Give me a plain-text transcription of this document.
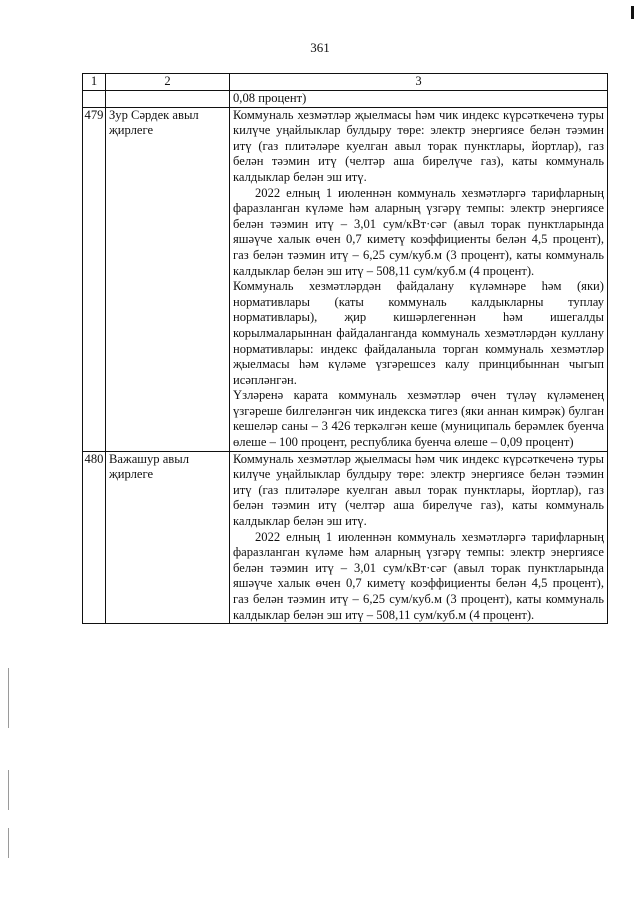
361
1	2	3
		0,08 процент)
479	Зур Сәрдек авыл җирлеге	Коммуналь хезмәтләр җыелмасы һәм чик индекс күрсәткеченә туры килүче уңайлыклар булдыру төре: электр энергиясе белән тәэмин итү (газ плитәләре куелган авыл торак пунктлары, йортлар), газ белән тәэмин итү (челтәр аша бирелүче газ), каты коммуналь калдыклар белән эш итү.
2022 елның 1 июленнән коммуналь хезмәтләргә тарифларның фаразланган күләме һәм аларның үзгәрү темпы: электр энергиясе белән тәэмин итү – 3,01 сум/кВт·сәг (авыл торак пунктларында яшәүче халык өчен 0,7 киметү коэффициенты белән 4,5 процент), газ белән тәэмин итү – 6,25 сум/куб.м (3 процент), каты коммуналь калдыклар белән эш итү – 508,11 сум/куб.м (4 процент).
Коммуналь хезмәтләрдән файдалану күләмнәре һәм (яки) нормативлары (каты коммуналь калдыкларны туплау нормативлары), җир кишәрлегеннән һәм ишегалды корылмаларыннан файдаланганда коммуналь хезмәтләрдән куллану нормативлары: индекс файдаланыла торган коммуналь хезмәтләр җыелмасы һәм күләме үзгәрешсез калу принцибыннан чыгып исәпләнгән.
Үзләренә карата коммуналь хезмәтләр өчен түләү күләменең үзгәреше билгеләнгән чик индекска тигез (яки аннан кимрәк) булган кешеләр саны – 3 426 теркәлгән кеше (муниципаль берәмлек буенча өлеше – 100 процент, республика буенча өлеше – 0,09 процент)

480	Важашур авыл җирлеге	Коммуналь хезмәтләр җыелмасы һәм чик индекс күрсәткеченә туры килүче уңайлыклар булдыру төре: электр энергиясе белән тәэмин итү (газ плитәләре куелган авыл торак пунктлары, йортлар), газ белән тәэмин итү (челтәр аша бирелүче газ), каты коммуналь калдыклар белән эш итү.
2022 елның 1 июленнән коммуналь хезмәтләргә тарифларның фаразланган күләме һәм аларның үзгәрү темпы: электр энергиясе белән тәэмин итү – 3,01 сум/кВт·сәг (авыл торак пунктларында яшәүче халык өчен 0,7 киметү коэффициенты белән 4,5 процент), газ белән тәэмин итү – 6,25 сум/куб.м (3 процент), каты коммуналь калдыклар белән эш итү – 508,11 сум/куб.м (4 процент).
